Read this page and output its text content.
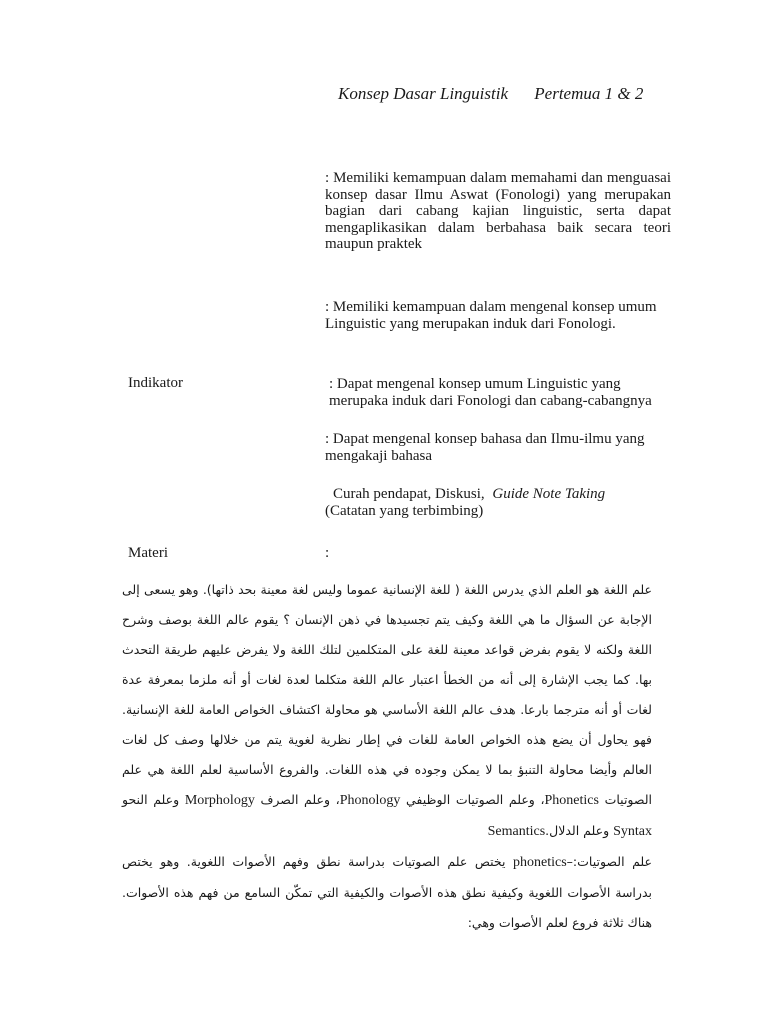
Konsep Dasar Linguistik Pertemua 1 & 2
: Memiliki kemampuan dalam memahami dan menguasai konsep dasar Ilmu Aswat (Fonologi) yang merupakan bagian dari cabang kajian linguistic, serta dapat mengaplikasikan dalam berbahasa baik secara teori maupun praktek
: Memiliki kemampuan dalam mengenal konsep umum Linguistic yang merupakan induk dari Fonologi.
Indikator	: Dapat mengenal konsep umum Linguistic yang merupaka induk dari Fonologi dan cabang-cabangnya
: Dapat mengenal konsep bahasa dan Ilmu-ilmu yang mengakaji bahasa
Curah pendapat, Diskusi, Guide Note Taking
(Catatan yang terbimbing)
Materi	:

علم اللغة هو العلم الذي يدرس اللغة ( للغة الإنسانية عموما وليس لغة معينة بحد ذاتها). وهو يسعى إلى الإجابة عن السؤال ما هي اللغة وكيف يتم تجسيدها في ذهن الإنسان ؟ يقوم عالم اللغة بوصف وشرح اللغة ولكنه لا يقوم بفرض قواعد معينة للغة على المتكلمين لتلك اللغة ولا يفرض عليهم طريقة التحدث بها. كما يجب الإشارة إلى أنه من الخطأ اعتبار عالم اللغة متكلما لعدة لغات أو أنه ملزما بمعرفة عدة لغات أو أنه مترجما بارعا. هدف عالم اللغة الأساسي هو محاولة اكتشاف الخواص العامة للغة الإنسانية. فهو يحاول أن يضع هذه الخواص العامة للغات في إطار نظرية لغوية يتم من خلالها وصف كل لغات العالم وأيضا محاولة التنبؤ بما لا يمكن وجوده في هذه اللغات. والفروع الأساسية لعلم اللغة هي علم الصوتيات Phonetics، وعلم الصوتيات الوظيفي Phonology، وعلم الصرف Morphology وعلم النحو Syntax وعلم الدلال.Semantics

علم الصوتيات:–phonetics يختص علم الصوتيات بدراسة نطق وفهم الأصوات اللغوية. وهو يختص بدراسة الأصوات اللغوية وكيفية نطق هذه الأصوات والكيفية التي تمكّن السامع من فهم هذه الأصوات. هناك ثلاثة فروع لعلم الأصوات وهي:
